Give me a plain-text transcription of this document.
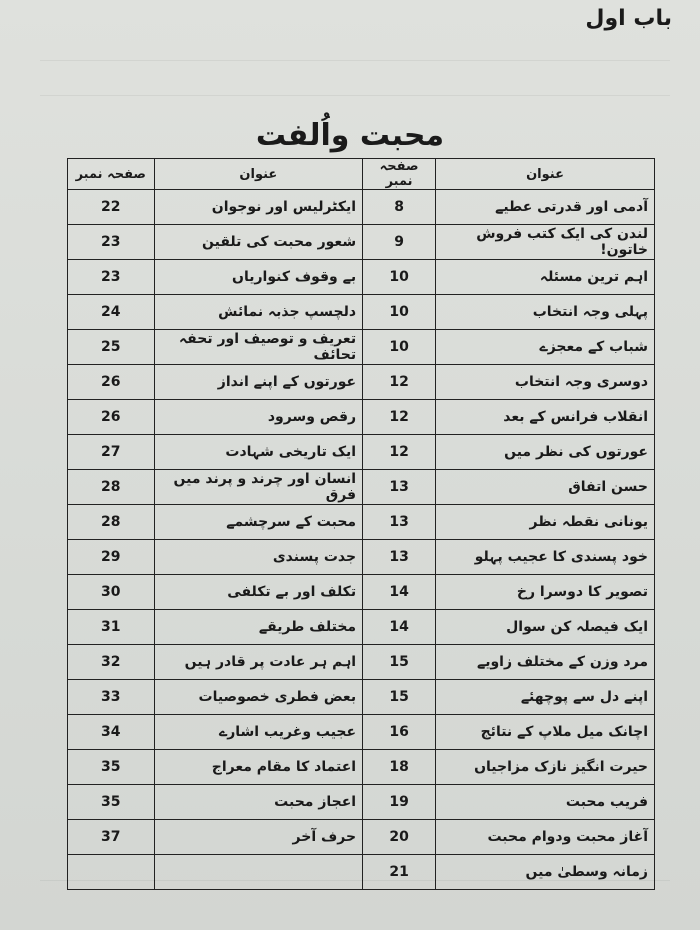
باب اول
محبت واُلفت
عنوان	صفحہ نمبر	عنوان	صفحہ نمبر
آدمی اور قدرتی عطیے	8	ایکٹرلیس اور نوجوان	22
لندن کی ایک کتب فروش خاتون!	9	شعور محبت کی تلقین	23
اہم ترین مسئلہ	10	بے وقوف کنواریاں	23
پہلی وجہ انتخاب	10	دلچسپ جذبہ نمائش	24
شباب کے معجزے	10	تعریف و توصیف اور تحفہ تحائف	25
دوسری وجہ انتخاب	12	عورتوں کے اپنے انداز	26
انقلاب فرانس کے بعد	12	رقص وسرود	26
عورتوں کی نظر میں	12	ایک تاریخی شہادت	27
حسن اتفاق	13	انسان اور چرند و پرند میں فرق	28
یونانی نقطہ نظر	13	محبت کے سرچشمے	28
خود پسندی کا عجیب پہلو	13	جدت پسندی	29
تصویر کا دوسرا رخ	14	تکلف اور بے تکلفی	30
ایک فیصلہ کن سوال	14	مختلف طریقے	31
مرد وزن کے مختلف زاویے	15	اہم ہر عادت پر قادر ہیں	32
اپنے دل سے پوچھئے	15	بعض فطری خصوصیات	33
اچانک میل ملاپ کے نتائج	16	عجیب وغریب اشارے	34
حیرت انگیز نازک مزاجیاں	18	اعتماد کا مقام معراج	35
فریب محبت	19	اعجاز محبت	35
آغاز محبت ودوام محبت	20	حرف آخر	37
زمانہ وسطیٰ میں	21		
